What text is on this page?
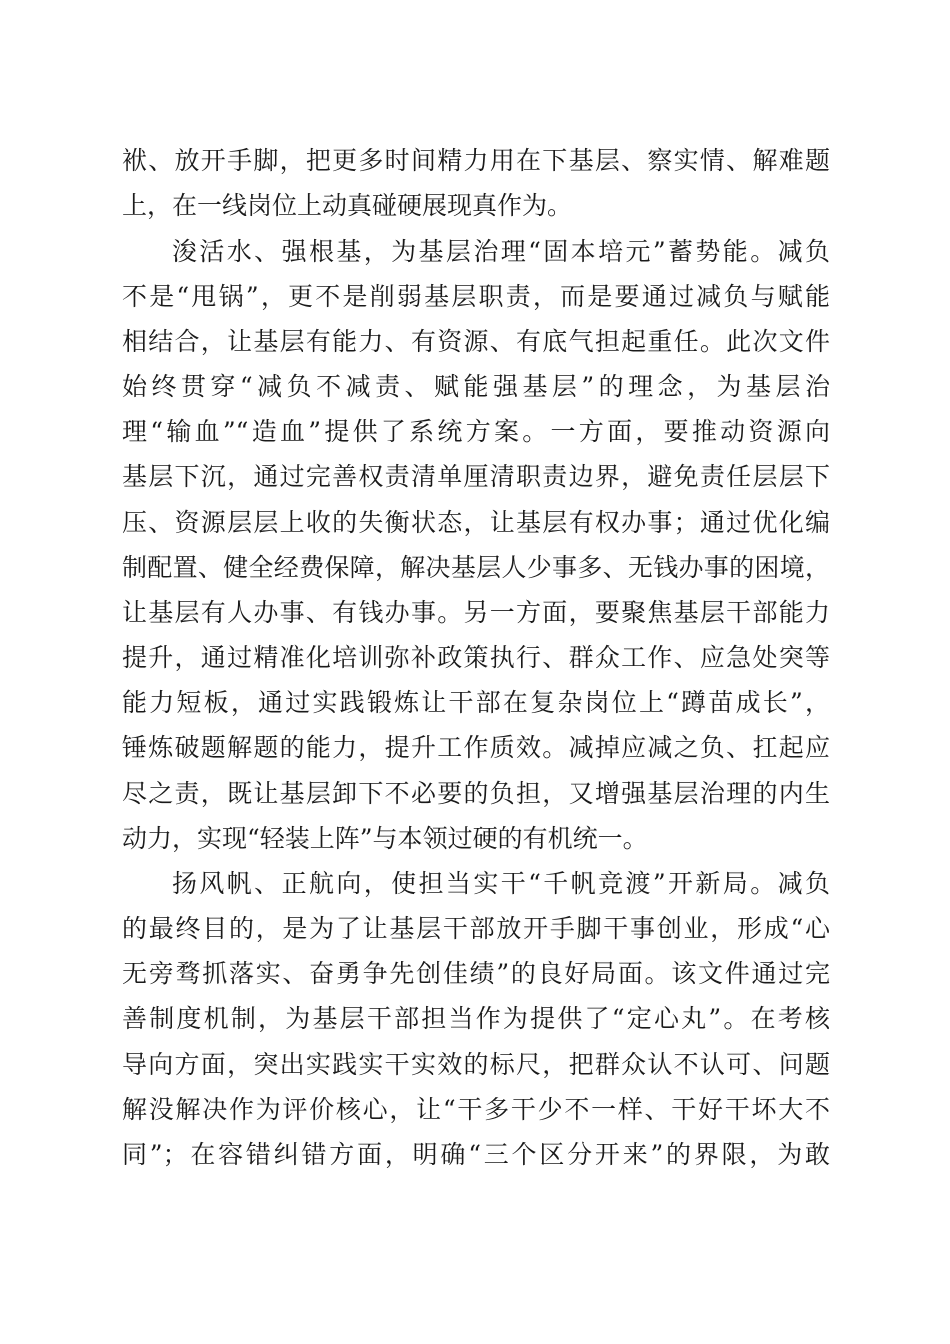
袱、放开手脚，把更多时间精力用在下基层、察实情、解难题
上，在一线岗位上动真碰硬展现真作为。
浚活水、强根基，为基层治理“固本培元”蓄势能。减负
不是“甩锅”，更不是削弱基层职责，而是要通过减负与赋能
相结合，让基层有能力、有资源、有底气担起重任。此次文件
始终贯穿“减负不减责、赋能强基层”的理念，为基层治
理“输血”“造血”提供了系统方案。一方面，要推动资源向
基层下沉，通过完善权责清单厘清职责边界，避免责任层层下
压、资源层层上收的失衡状态，让基层有权办事；通过优化编
制配置、健全经费保障，解决基层人少事多、无钱办事的困境，
让基层有人办事、有钱办事。另一方面，要聚焦基层干部能力
提升，通过精准化培训弥补政策执行、群众工作、应急处突等
能力短板，通过实践锻炼让干部在复杂岗位上“蹲苗成长”，
锤炼破题解题的能力，提升工作质效。减掉应减之负、扛起应
尽之责，既让基层卸下不必要的负担，又增强基层治理的内生
动力，实现“轻装上阵”与本领过硬的有机统一。
扬风帆、正航向，使担当实干“千帆竞渡”开新局。减负
的最终目的，是为了让基层干部放开手脚干事创业，形成“心
无旁骛抓落实、奋勇争先创佳绩”的良好局面。该文件通过完
善制度机制，为基层干部担当作为提供了“定心丸”。在考核
导向方面，突出实践实干实效的标尺，把群众认不认可、问题
解没解决作为评价核心，让“干多干少不一样、干好干坏大不
同”；在容错纠错方面，明确“三个区分开来”的界限，为敢
